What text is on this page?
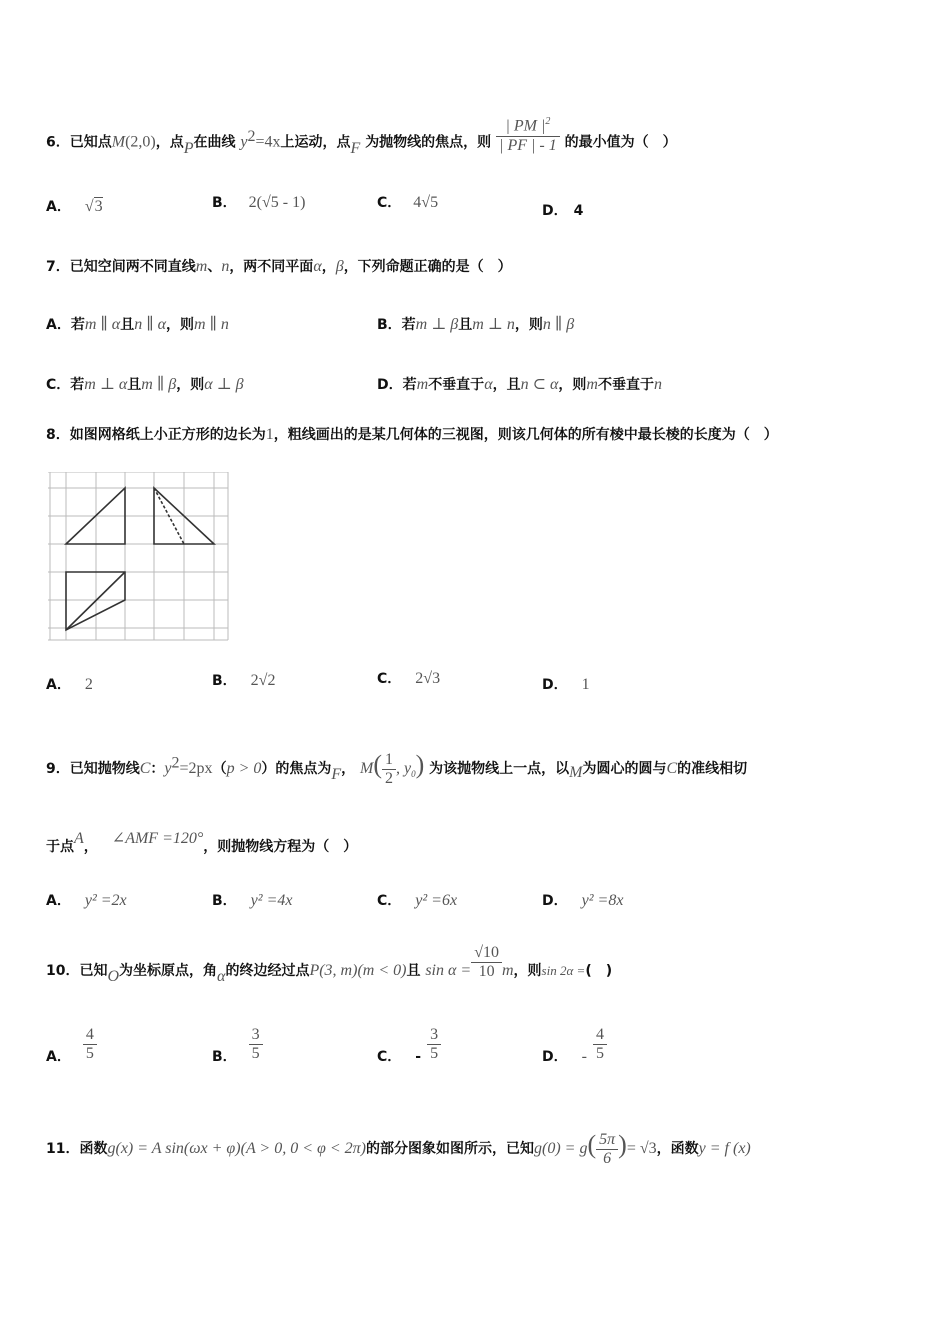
6．已知点M(2,0)，点P在曲线 $y^2=4x$上运动，点F 为抛物线的焦点，则 $\frac{| PM |^2}{| PF | - 1}$ 的最小值为（　）
A． √3	B． 2(√5 - 1)	C． 4√5	D． 4
7．已知空间两不同直线m、n，两不同平面α，β，下列命题正确的是（　）
A．若m ∥ α且n ∥ α，则m ∥ n	B．若m ⊥ β且m ⊥ n，则n ∥ β
C．若m ⊥ α且m ∥ β，则α ⊥ β	D．若m不垂直于α，且n ⊂ α，则m不垂直于n
8．如图网格纸上小正方形的边长为1，粗线画出的是某几何体的三视图，则该几何体的所有棱中最长棱的长度为（　）
A． 2	B． 2√2	C． 2√3	D． 1
9．已知抛物线C：$y^2=2px(p > 0)$的焦点为F， $M( \frac{1}{2}$ , $y_0$) 为该抛物线上一点，以M为圆心的圆与C的准线相切
于点A， ∠AMF =120°，则抛物线方程为（　）
A． y² =2x	B． y² =4x	C． y² =6x	D． y² =8x
10．已知O为坐标原点，角α的终边经过点P(3, m)(m < 0)且 $\sin \alpha = \frac{√10}{10}$ m，则sin 2α =(　)
A． $\frac{4}{5}$	B． $\frac{3}{5}$	C． - $\frac{3}{5}$	D． - $\frac{4}{5}$
11．函数g(x) = A sin(ωx + φ)(A > 0, 0 < φ < 2π)的部分图象如图所示，已知$g(0) = g( \frac{5\pi}{6}$ )= √3，函数y = f (x)
